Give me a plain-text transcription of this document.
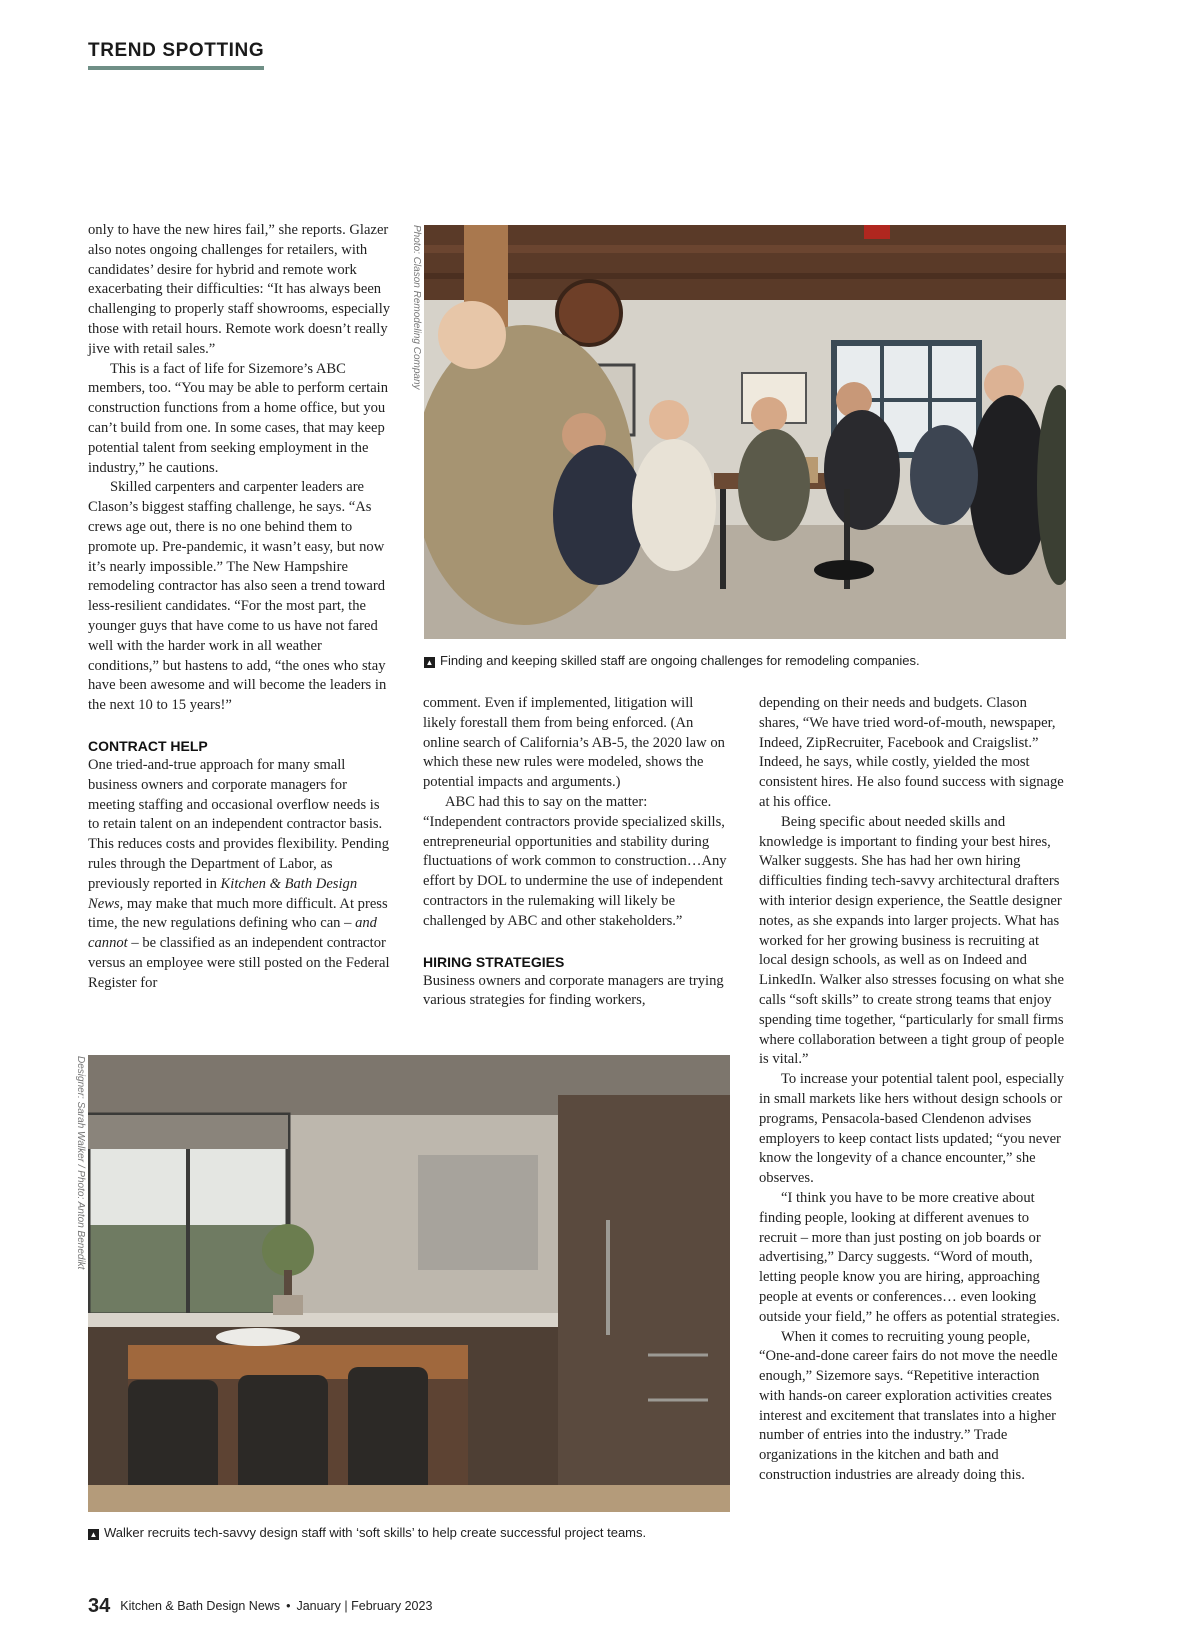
TREND SPOTTING

only to have the new hires fail,” she reports. Glazer also notes ongoing challenges for retailers, with candidates’ desire for hybrid and remote work exacerbating their difficulties: “It has always been challenging to properly staff showrooms, especially those with retail hours. Remote work doesn’t really jive with retail sales.”

This is a fact of life for Sizemore’s ABC members, too. “You may be able to perform certain construction functions from a home office, but you can’t build from one. In some cases, that may keep potential talent from seeking employment in the industry,” he cautions.

Skilled carpenters and carpenter leaders are Clason’s biggest staffing challenge, he says. “As crews age out, there is no one behind them to promote up. Pre-pandemic, it wasn’t easy, but now it’s nearly impossible.” The New Hampshire remodeling contractor has also seen a trend toward less-resilient candidates. “For the most part, the younger guys that have come to us have not fared well with the harder work in all weather conditions,” but hastens to add, “the ones who stay have been awesome and will become the leaders in the next 10 to 15 years!”

CONTRACT HELP

One tried-and-true approach for many small business owners and corporate managers for meeting staffing and occasional overflow needs is to retain talent on an independent contractor basis. This reduces costs and provides flexibility. Pending rules through the Department of Labor, as previously reported in Kitchen & Bath Design News, may make that much more difficult. At press time, the new regulations defining who can – and cannot – be classified as an independent contractor versus an employee were still posted on the Federal Register for

Photo: Clason Remodeling Company
▲ Finding and keeping skilled staff are ongoing challenges for remodeling companies.

comment. Even if implemented, litigation will likely forestall them from being enforced. (An online search of California’s AB-5, the 2020 law on which these new rules were modeled, shows the potential impacts and arguments.)

ABC had this to say on the matter: “Independent contractors provide specialized skills, entrepreneurial opportunities and stability during fluctuations of work common to construction…Any effort by DOL to undermine the use of independent contractors in the rulemaking will likely be challenged by ABC and other stakeholders.”

HIRING STRATEGIES

Business owners and corporate managers are trying various strategies for finding workers,

depending on their needs and budgets. Clason shares, “We have tried word-of-mouth, newspaper, Indeed, ZipRecruiter, Facebook and Craigslist.” Indeed, he says, while costly, yielded the most consistent hires. He also found success with signage at his office.

Being specific about needed skills and knowledge is important to finding your best hires, Walker suggests. She has had her own hiring difficulties finding tech-savvy architectural drafters with interior design experience, the Seattle designer notes, as she expands into larger projects. What has worked for her growing business is recruiting at local design schools, as well as on Indeed and LinkedIn. Walker also stresses focusing on what she calls “soft skills” to create strong teams that enjoy spending time together, “particularly for small firms where collaboration between a tight group of people is vital.”

To increase your potential talent pool, especially in small markets like hers without design schools or programs, Pensacola-based Clendenon advises employers to keep contact lists updated; “you never know the longevity of a chance encounter,” she observes.

“I think you have to be more creative about finding people, looking at different avenues to recruit – more than just posting on job boards or advertising,” Darcy suggests. “Word of mouth, letting people know you are hiring, approaching people at events or conferences… even looking outside your field,” he offers as potential strategies.

When it comes to recruiting young people, “One-and-done career fairs do not move the needle enough,” Sizemore says. “Repetitive interaction with hands-on career exploration activities creates interest and excitement that translates into a higher number of entries into the industry.” Trade organizations in the kitchen and bath and construction industries are already doing this.

Designer: Sarah Walker / Photo: Anton Benedikt
▲ Walker recruits tech-savvy design staff with ‘soft skills’ to help create successful project teams.
34 Kitchen & Bath Design News • January | February 2023
